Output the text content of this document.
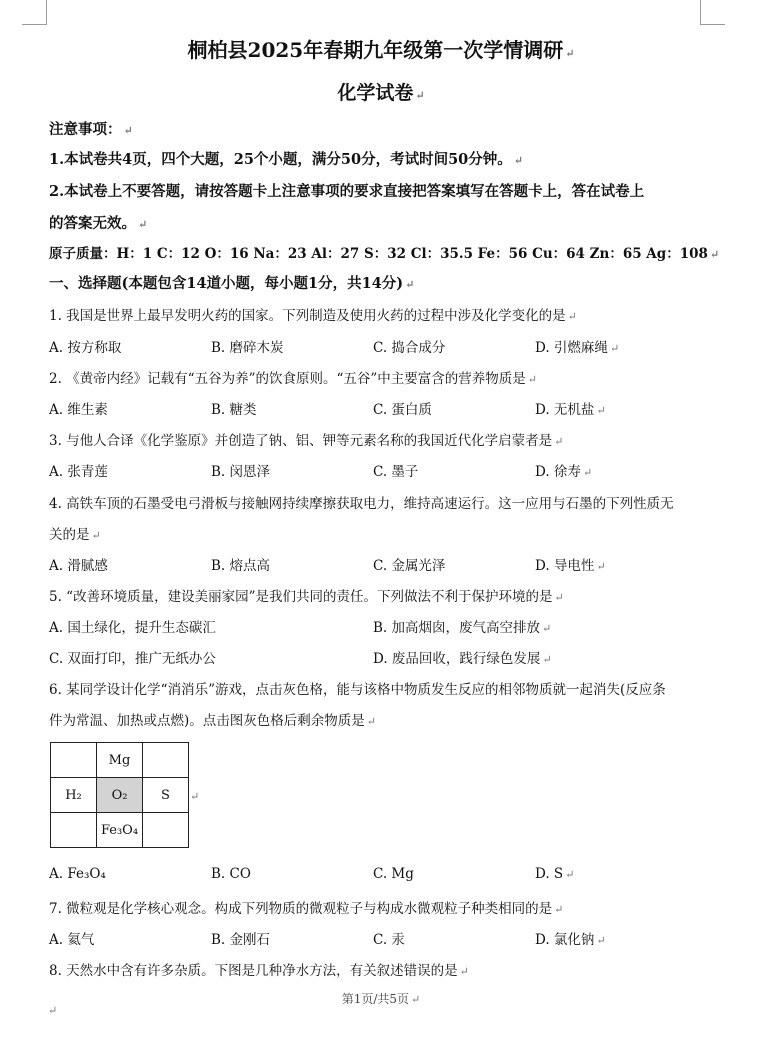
桐柏县2025年春期九年级第一次学情调研 ↵
化学试卷 ↵
注意事项： ↵
1.本试卷共4页，四个大题，25个小题，满分50分，考试时间50分钟。 ↵
2.本试卷上不要答题，请按答题卡上注意事项的要求直接把答案填写在答题卡上，答在试卷上
的答案无效。 ↵
原子质量：H：1 C：12 O：16 Na：23 Al：27 S：32 Cl：35.5 Fe：56 Cu：64 Zn：65 Ag：108 ↵
一、选择题(本题包含14道小题，每小题1分，共14分) ↵
1. 我国是世界上最早发明火药的国家。下列制造及使用火药的过程中涉及化学变化的是 ↵
A. 按方称取	B. 磨碎木炭	C. 捣合成分	D. 引燃麻绳 ↵
2. 《黄帝内经》记载有“五谷为养”的饮食原则。“五谷”中主要富含的营养物质是 ↵
A. 维生素	B. 糖类	C. 蛋白质	D. 无机盐 ↵
3. 与他人合译《化学鉴原》并创造了钠、铝、钾等元素名称的我国近代化学启蒙者是 ↵
A. 张青莲	B. 闵恩泽	C. 墨子	D. 徐寿 ↵
4. 高铁车顶的石墨受电弓滑板与接触网持续摩擦获取电力，维持高速运行。这一应用与石墨的下列性质无
关的是 ↵
A. 滑腻感	B. 熔点高	C. 金属光泽	D. 导电性 ↵
5. “改善环境质量，建设美丽家园”是我们共同的责任。下列做法不利于保护环境的是 ↵
A. 国土绿化，提升生态碳汇	B. 加高烟囱，废气高空排放 ↵
C. 双面打印，推广无纸办公	D. 废品回收，践行绿色发展 ↵
6. 某同学设计化学“消消乐”游戏，点击灰色格，能与该格中物质发生反应的相邻物质就一起消失(反应条
件为常温、加热或点燃)。点击图灰色格后剩余物质是 ↵
	Mg	
H₂	O₂	S
	Fe₃O₄	
↵
A. Fe₃O₄	B. CO	C. Mg	D. S ↵
7. 微粒观是化学核心观念。构成下列物质的微观粒子与构成水微观粒子种类相同的是 ↵
A. 氦气	B. 金刚石	C. 汞	D. 氯化钠 ↵
8. 天然水中含有许多杂质。下图是几种净水方法，有关叙述错误的是 ↵
第1页/共5页 ↵
↵
